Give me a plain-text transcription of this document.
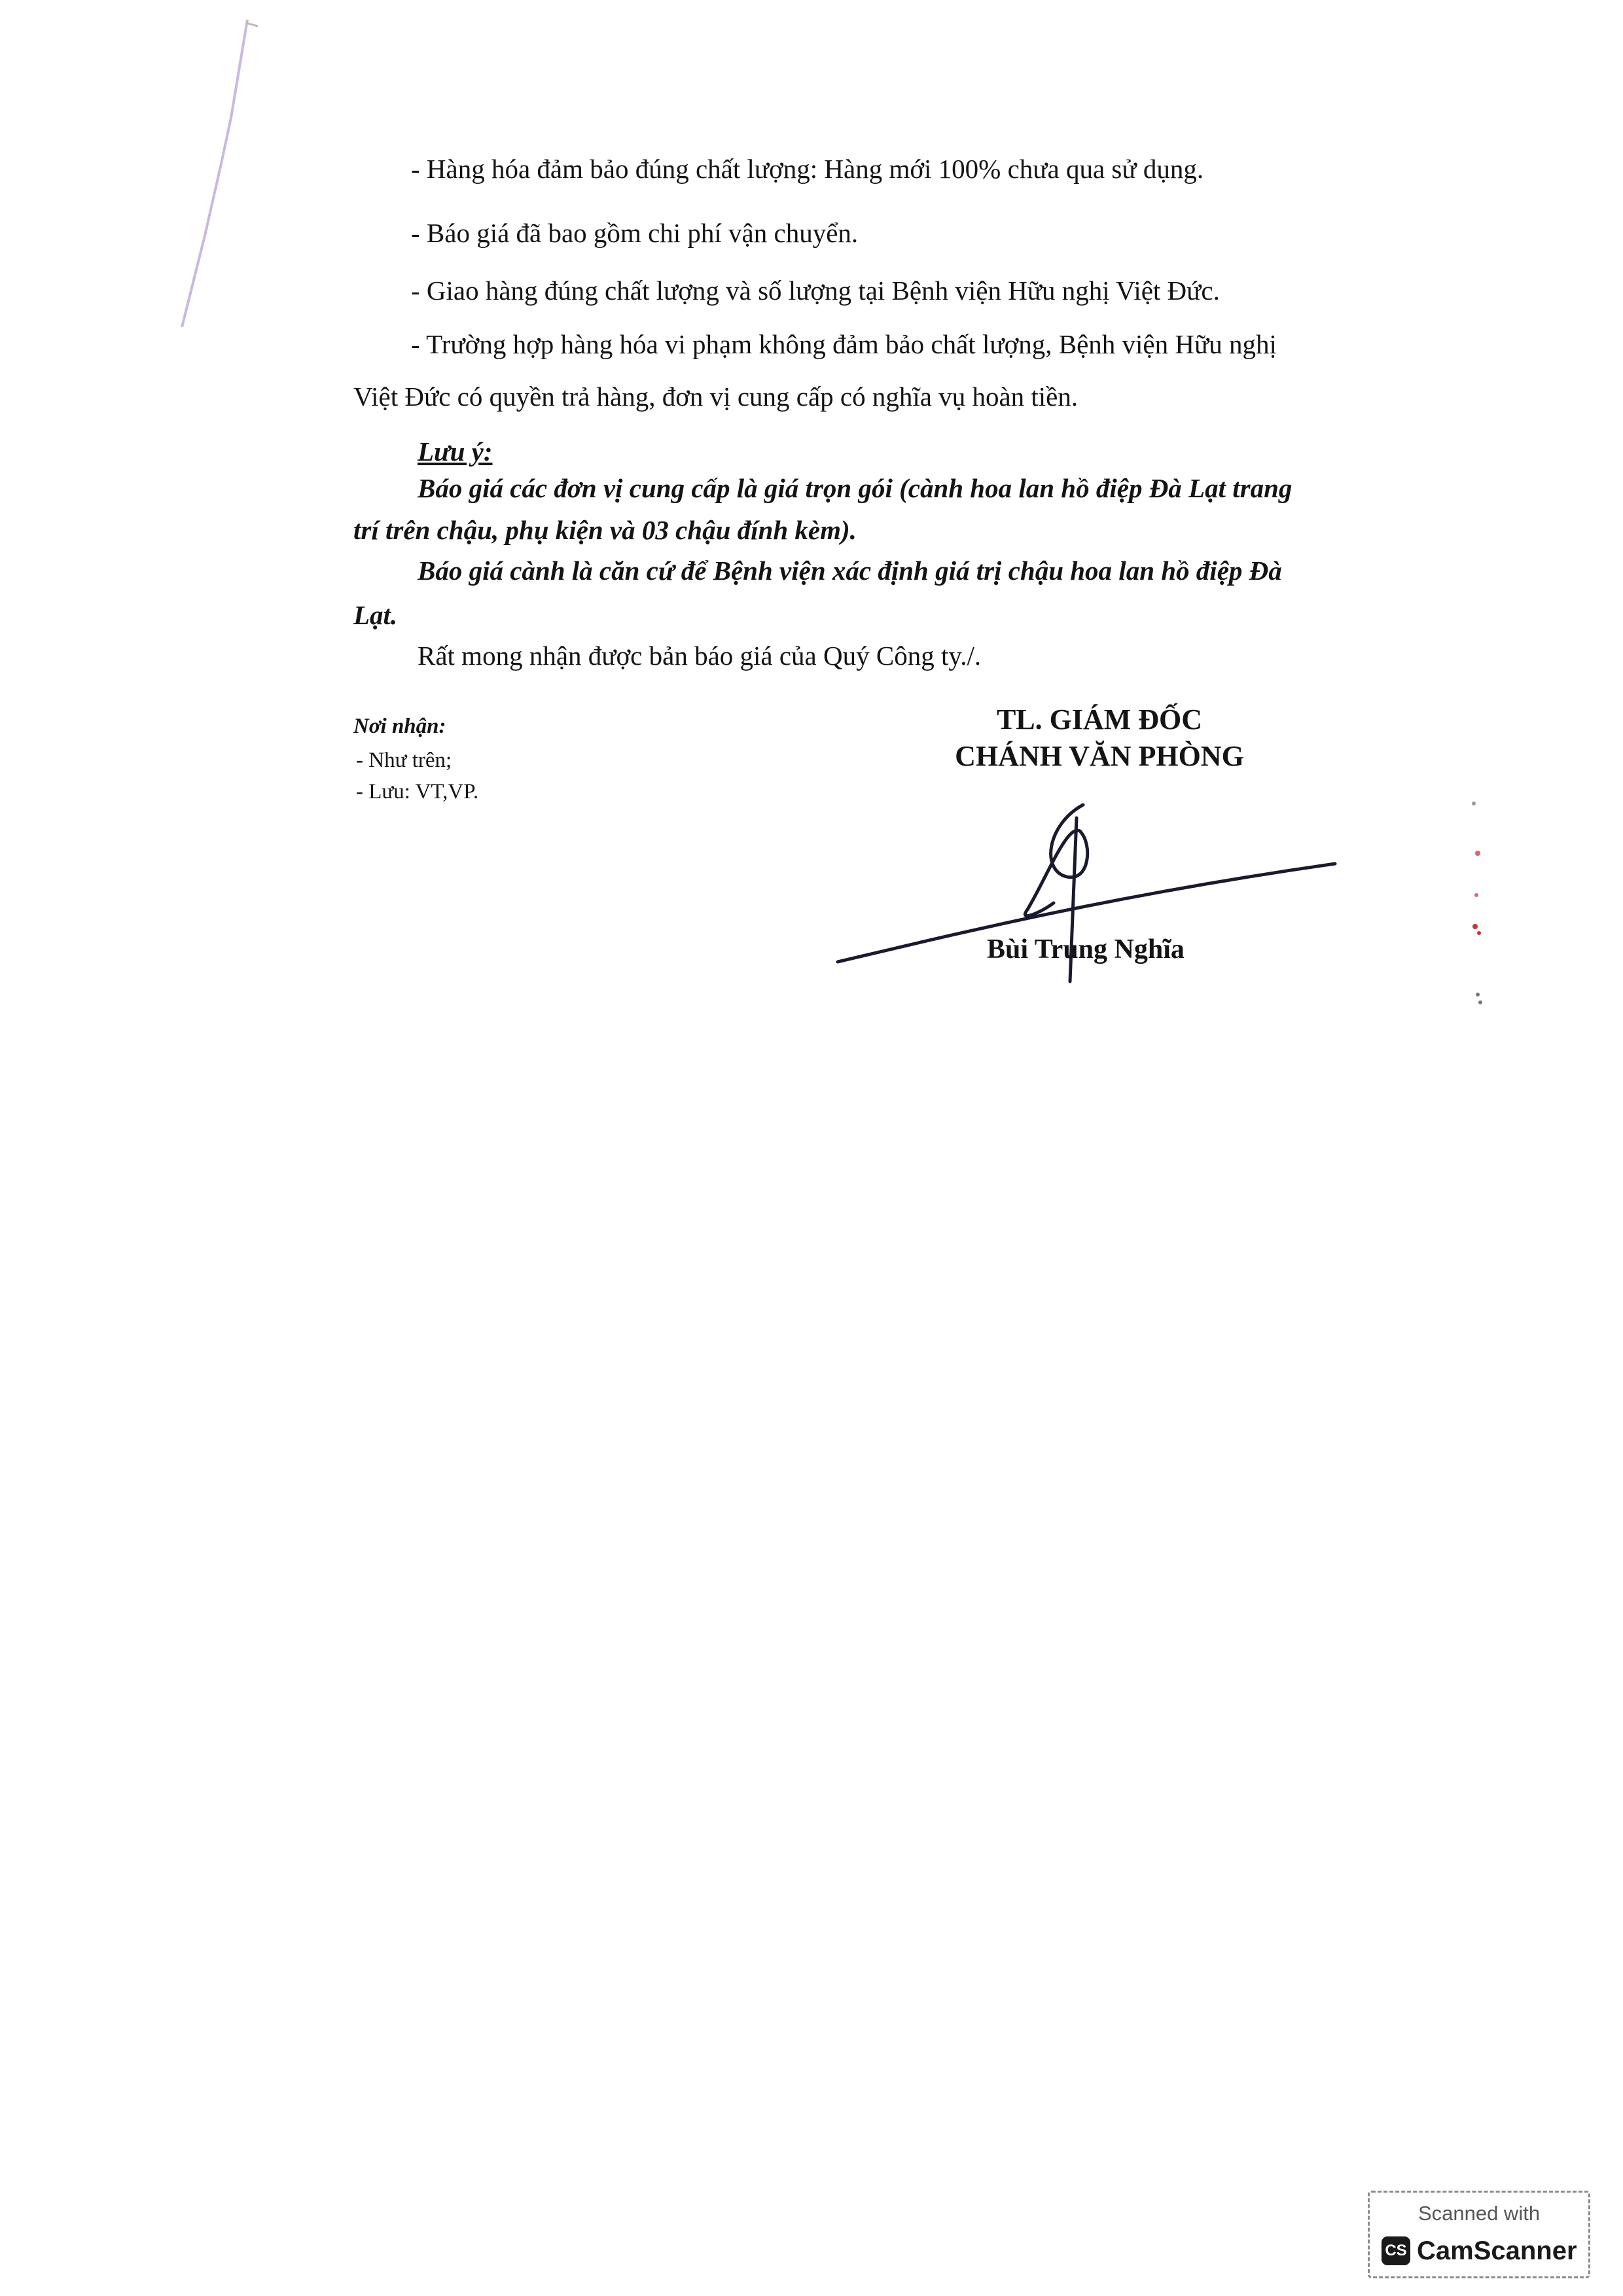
- Hàng hóa đảm bảo đúng chất lượng: Hàng mới 100% chưa qua sử dụng.
- Báo giá đã bao gồm chi phí vận chuyển.
- Giao hàng đúng chất lượng và số lượng tại Bệnh viện Hữu nghị Việt Đức.
- Trường hợp hàng hóa vi phạm không đảm bảo chất lượng, Bệnh viện Hữu nghị
Việt Đức có quyền trả hàng, đơn vị cung cấp có nghĩa vụ hoàn tiền.
Lưu ý:
Báo giá các đơn vị cung cấp là giá trọn gói (cành hoa lan hồ điệp Đà Lạt trang
trí trên chậu, phụ kiện và 03 chậu đính kèm).
Báo giá cành là căn cứ để Bệnh viện xác định giá trị chậu hoa lan hồ điệp Đà
Lạt.
Rất mong nhận được bản báo giá của Quý Công ty./.
Nơi nhận:
- Như trên;
- Lưu: VT,VP.
TL. GIÁM ĐỐC
CHÁNH VĂN PHÒNG
Bùi Trung Nghĩa
Scanned with
CS CamScanner
